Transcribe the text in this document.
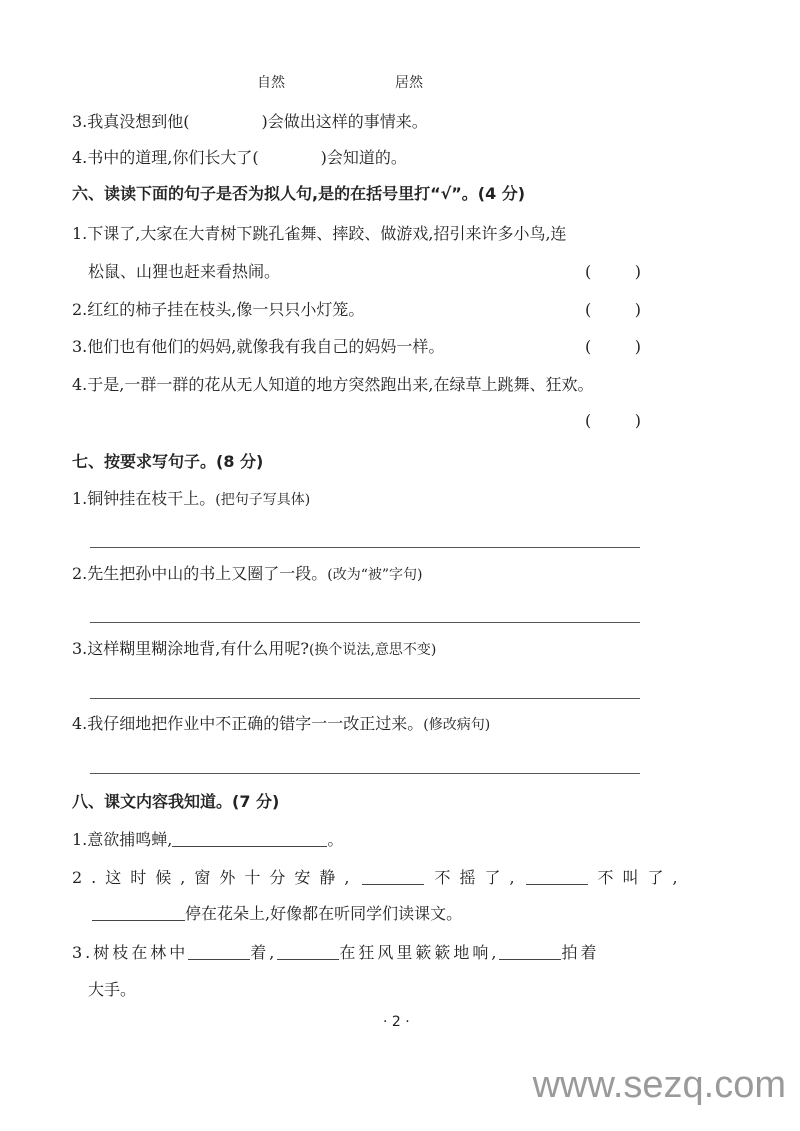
自然	居然
3.我真没想到他(	)会做出这样的事情来。
4.书中的道理,你们长大了(	)会知道的。
六、读读下面的句子是否为拟人句,是的在括号里打“√”。(4 分)
1.下课了,大家在大青树下跳孔雀舞、摔跤、做游戏,招引来许多小鸟,连
松鼠、山狸也赶来看热闹。	(	)
2.红红的柿子挂在枝头,像一只只小灯笼。	(	)
3.他们也有他们的妈妈,就像我有我自己的妈妈一样。	(	)
4.于是,一群一群的花从无人知道的地方突然跑出来,在绿草上跳舞、狂欢。
(	)
七、按要求写句子。(8 分)
1.铜钟挂在枝干上。(把句子写具体)
2.先生把孙中山的书上又圈了一段。(改为“被”字句)
3.这样糊里糊涂地背,有什么用呢?(换个说法,意思不变)
4.我仔细地把作业中不正确的错字一一改正过来。(修改病句)
八、课文内容我知道。(7 分)
1.意欲捕鸣蝉,	。
2.这时候,窗外十分安静,	不摇了,	不叫了,
停在花朵上,好像都在听同学们读课文。
3.树枝在林中	着,	在狂风里簌簌地响,	拍着
大手。
· 2 ·
www.sezq.com
